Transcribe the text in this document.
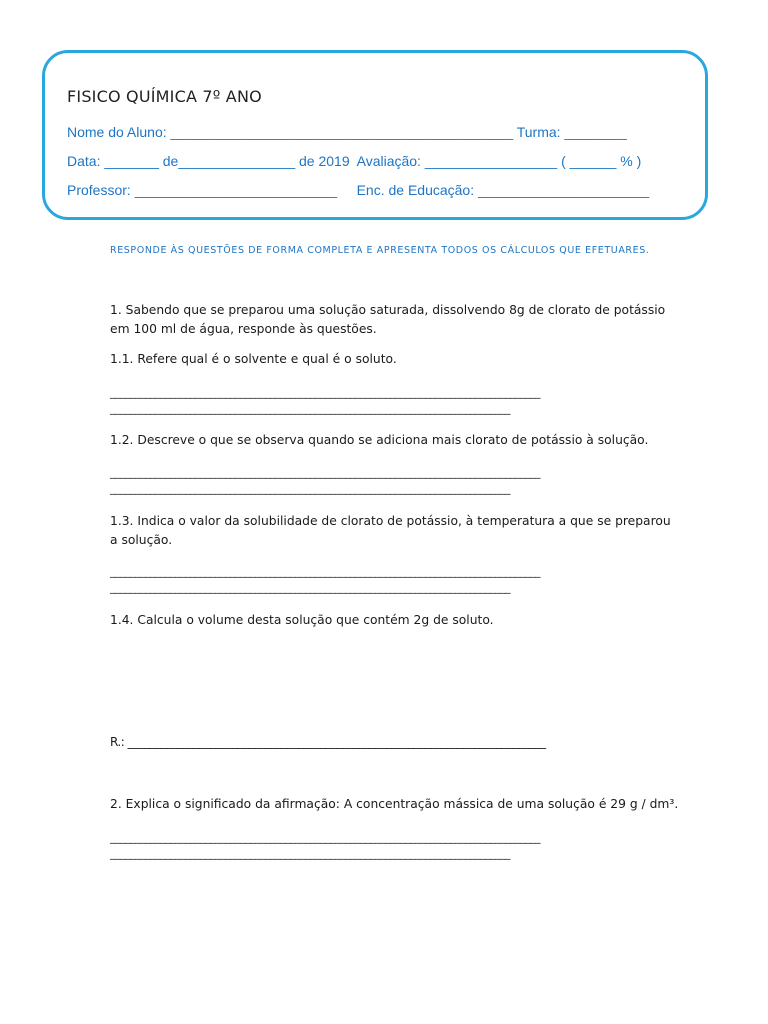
FISICO QUÍMICA 7º ANO
Nome do Aluno: ____________________________________________ Turma: ________
Data: _______ de_______________ de 2019  Avaliação: _________________ ( ______ % )
Professor: __________________________     Enc. de Educação: ______________________
RESPONDE ÀS QUESTÕES DE FORMA COMPLETA E APRESENTA TODOS OS CÁLCULOS QUE EFETUARES.
1. Sabendo que se preparou uma solução saturada, dissolvendo 8g de clorato de potássio em 100 ml de água, responde às questões.
1.1. Refere qual é o solvente e qual é o soluto.
______________________________________________________________________________________
________________________________________________________________________________
1.2. Descreve o que se observa quando se adiciona mais clorato de potássio à solução.
______________________________________________________________________________________
________________________________________________________________________________
1.3. Indica o valor da solubilidade de clorato de potássio, à temperatura a que se preparou a solução.
______________________________________________________________________________________
________________________________________________________________________________
1.4. Calcula o volume desta solução que contém 2g de soluto.
R.: ____________________________________________________________________________
2. Explica o significado da afirmação: A concentração mássica de uma solução é 29 g / dm³.
______________________________________________________________________________________
________________________________________________________________________________
